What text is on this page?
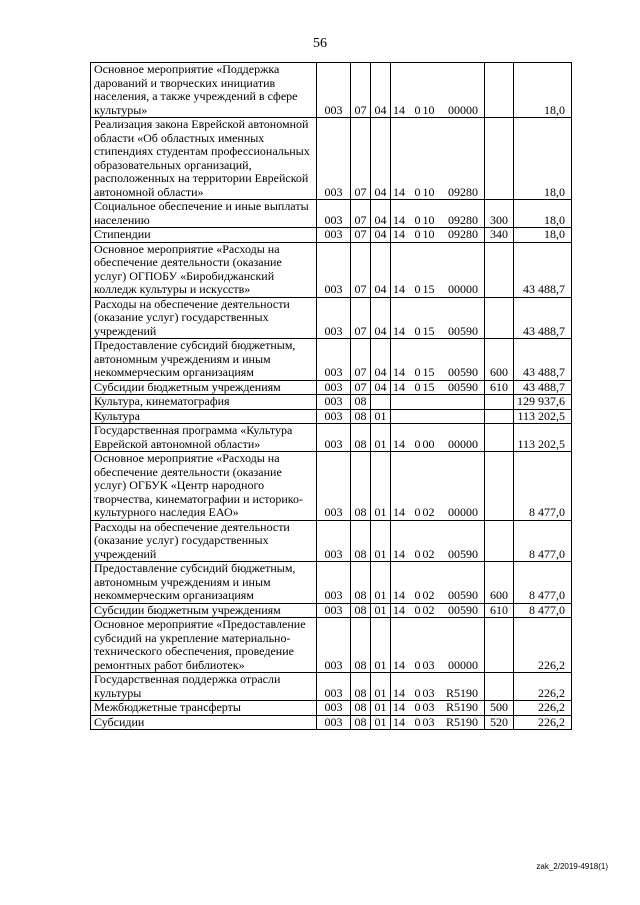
56
Основное мероприятие «Поддержка дарований и творческих инициатив населения, а также учреждений в сфере культуры»	003	07	04	14 0	10	00000		18,0
Реализация закона Еврейской автономной области «Об областных именных стипендиях студентам профессиональных образовательных организаций, расположенных на территории Еврейской автономной области»	003	07	04	14 0	10	09280		18,0
Социальное обеспечение и иные выплаты населению	003	07	04	14 0	10	09280	300	18,0
Стипендии	003	07	04	14 0	10	09280	340	18,0
Основное мероприятие «Расходы на обеспечение деятельности (оказание услуг) ОГПОБУ «Биробиджанский колледж культуры и искусств»	003	07	04	14 0	15	00000		43 488,7
Расходы на обеспечение деятельности (оказание услуг) государственных учреждений	003	07	04	14 0	15	00590		43 488,7
Предоставление субсидий бюджетным, автономным учреждениям и иным некоммерческим организациям	003	07	04	14 0	15	00590	600	43 488,7
Субсидии бюджетным учреждениям	003	07	04	14 0	15	00590	610	43 488,7
Культура, кинематография	003	08						129 937,6
Культура	003	08	01					113 202,5
Государственная программа «Культура Еврейской автономной области»	003	08	01	14 0	00	00000		113 202,5
Основное мероприятие «Расходы на обеспечение деятельности (оказание услуг) ОГБУК «Центр народного творчества, кинематографии и историко-культурного наследия ЕАО»	003	08	01	14 0	02	00000		8 477,0
Расходы на обеспечение деятельности (оказание услуг) государственных учреждений	003	08	01	14 0	02	00590		8 477,0
Предоставление субсидий бюджетным, автономным учреждениям и иным некоммерческим организациям	003	08	01	14 0	02	00590	600	8 477,0
Субсидии бюджетным учреждениям	003	08	01	14 0	02	00590	610	8 477,0
Основное мероприятие «Предоставление субсидий на укрепление материально-технического обеспечения, проведение ремонтных работ библиотек»	003	08	01	14 0	03	00000		226,2
Государственная поддержка отрасли культуры	003	08	01	14 0	03	R5190		226,2
Межбюджетные трансферты	003	08	01	14 0	03	R5190	500	226,2
Субсидии	003	08	01	14 0	03	R5190	520	226,2
zak_2/2019-4918(1)
